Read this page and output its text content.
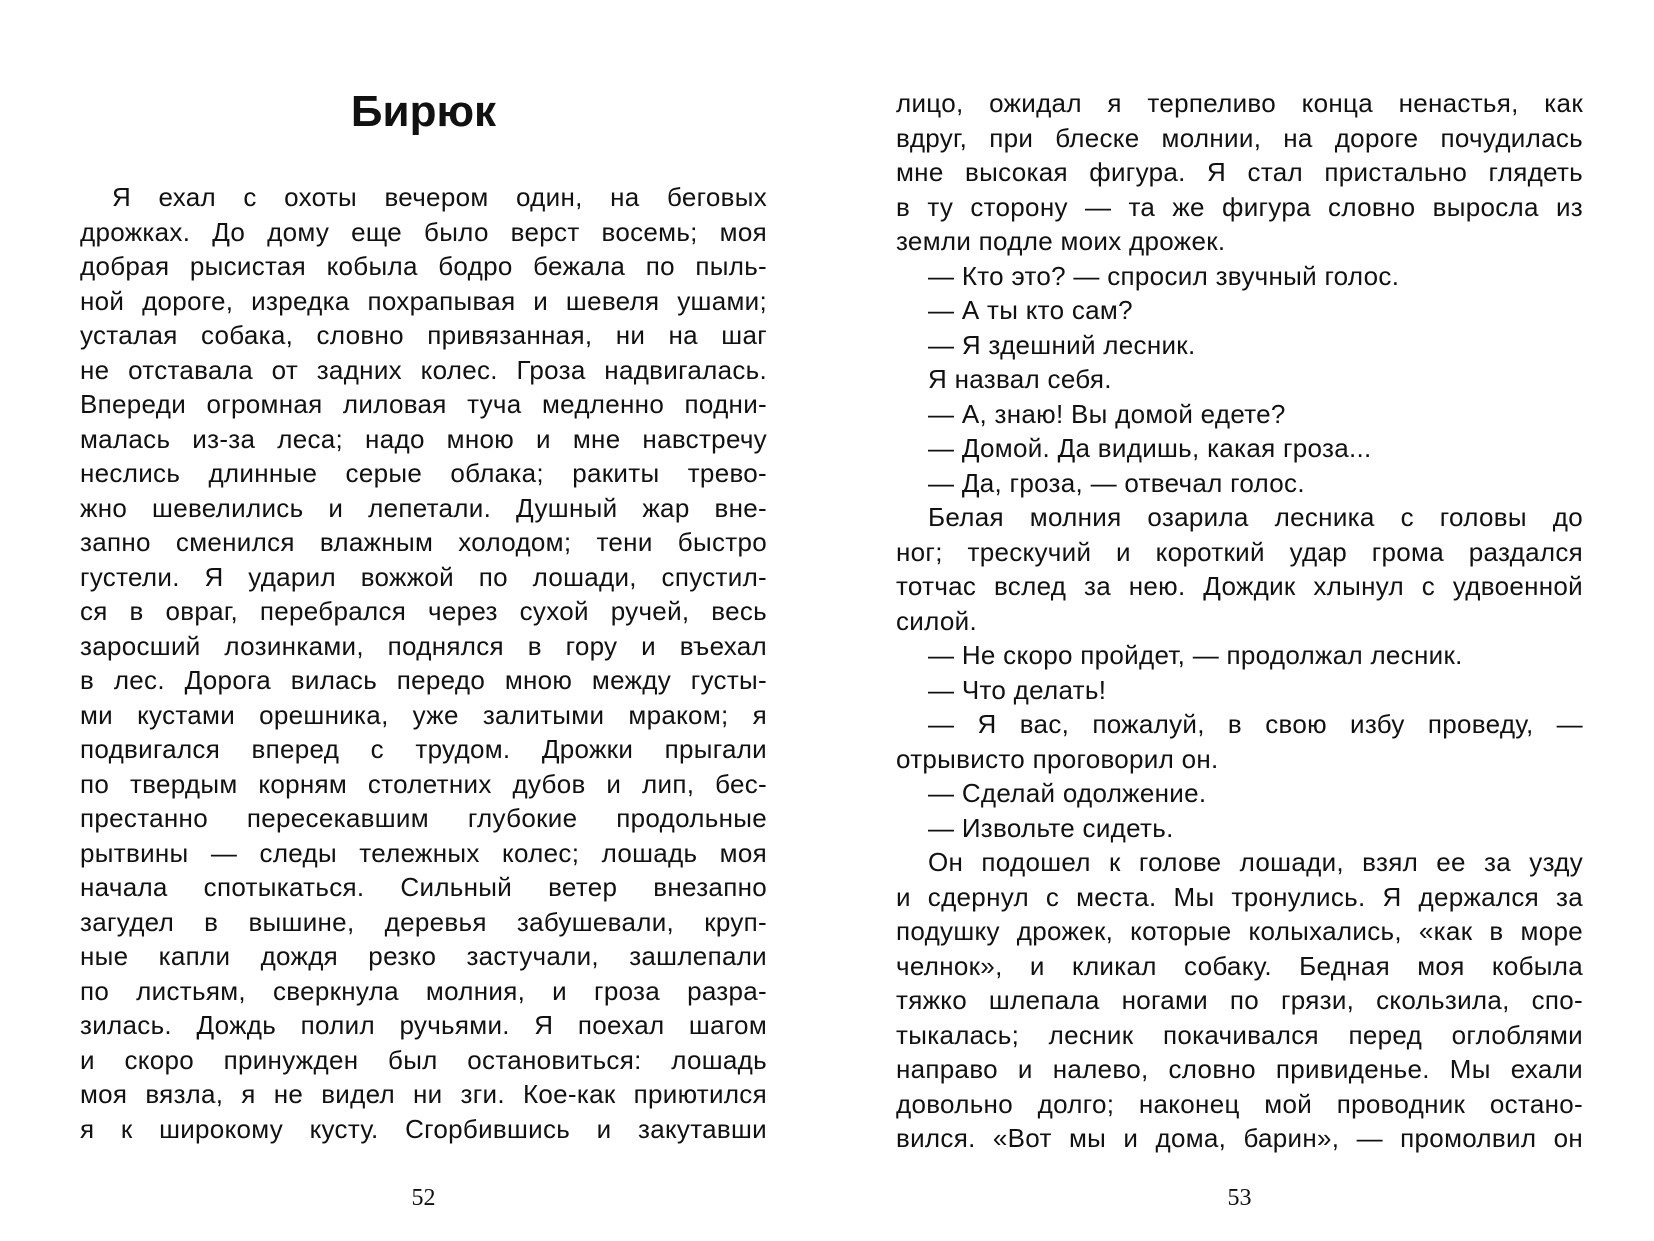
Бирюк
Я ехал с охоты вечером один, на беговых
дрожках. До дому еще было верст восемь; моя
добрая рысистая кобыла бодро бежала по пыль-
ной дороге, изредка похрапывая и шевеля ушами;
усталая собака, словно привязанная, ни на шаг
не отставала от задних колес. Гроза надвигалась.
Впереди огромная лиловая туча медленно подни-
малась из-за леса; надо мною и мне навстречу
неслись длинные серые облака; ракиты трево-
жно шевелились и лепетали. Душный жар вне-
запно сменился влажным холодом; тени быстро
густели. Я ударил вожжой по лошади, спустил-
ся в овраг, перебрался через сухой ручей, весь
заросший лозинками, поднялся в гору и въехал
в лес. Дорога вилась передо мною между густы-
ми кустами орешника, уже залитыми мраком; я
подвигался вперед с трудом. Дрожки прыгали
по твердым корням столетних дубов и лип, бес-
престанно пересекавшим глубокие продольные
рытвины — следы тележных колес; лошадь моя
начала спотыкаться. Сильный ветер внезапно
загудел в вышине, деревья забушевали, круп-
ные капли дождя резко застучали, зашлепали
по листьям, сверкнула молния, и гроза разра-
зилась. Дождь полил ручьями. Я поехал шагом
и скоро принужден был остановиться: лошадь
моя вязла, я не видел ни зги. Кое-как приютился
я к широкому кусту. Сгорбившись и закутавши
52
лицо, ожидал я терпеливо конца ненастья, как
вдруг, при блеске молнии, на дороге почудилась
мне высокая фигура. Я стал пристально глядеть
в ту сторону — та же фигура словно выросла из
земли подле моих дрожек.
— Кто это? — спросил звучный голос.
— А ты кто сам?
— Я здешний лесник.
Я назвал себя.
— А, знаю! Вы домой едете?
— Домой. Да видишь, какая гроза...
— Да, гроза, — отвечал голос.
Белая молния озарила лесника с головы до
ног; трескучий и короткий удар грома раздался
тотчас вслед за нею. Дождик хлынул с удвоенной
силой.
— Не скоро пройдет, — продолжал лесник.
— Что делать!
— Я вас, пожалуй, в свою избу проведу, —
отрывисто проговорил он.
— Сделай одолжение.
— Извольте сидеть.
Он подошел к голове лошади, взял ее за узду
и сдернул с места. Мы тронулись. Я держался за
подушку дрожек, которые колыхались, «как в море
челнок», и кликал собаку. Бедная моя кобыла
тяжко шлепала ногами по грязи, скользила, спо-
тыкалась; лесник покачивался перед оглоблями
направо и налево, словно привиденье. Мы ехали
довольно долго; наконец мой проводник остано-
вился. «Вот мы и дома, барин», — промолвил он
53
